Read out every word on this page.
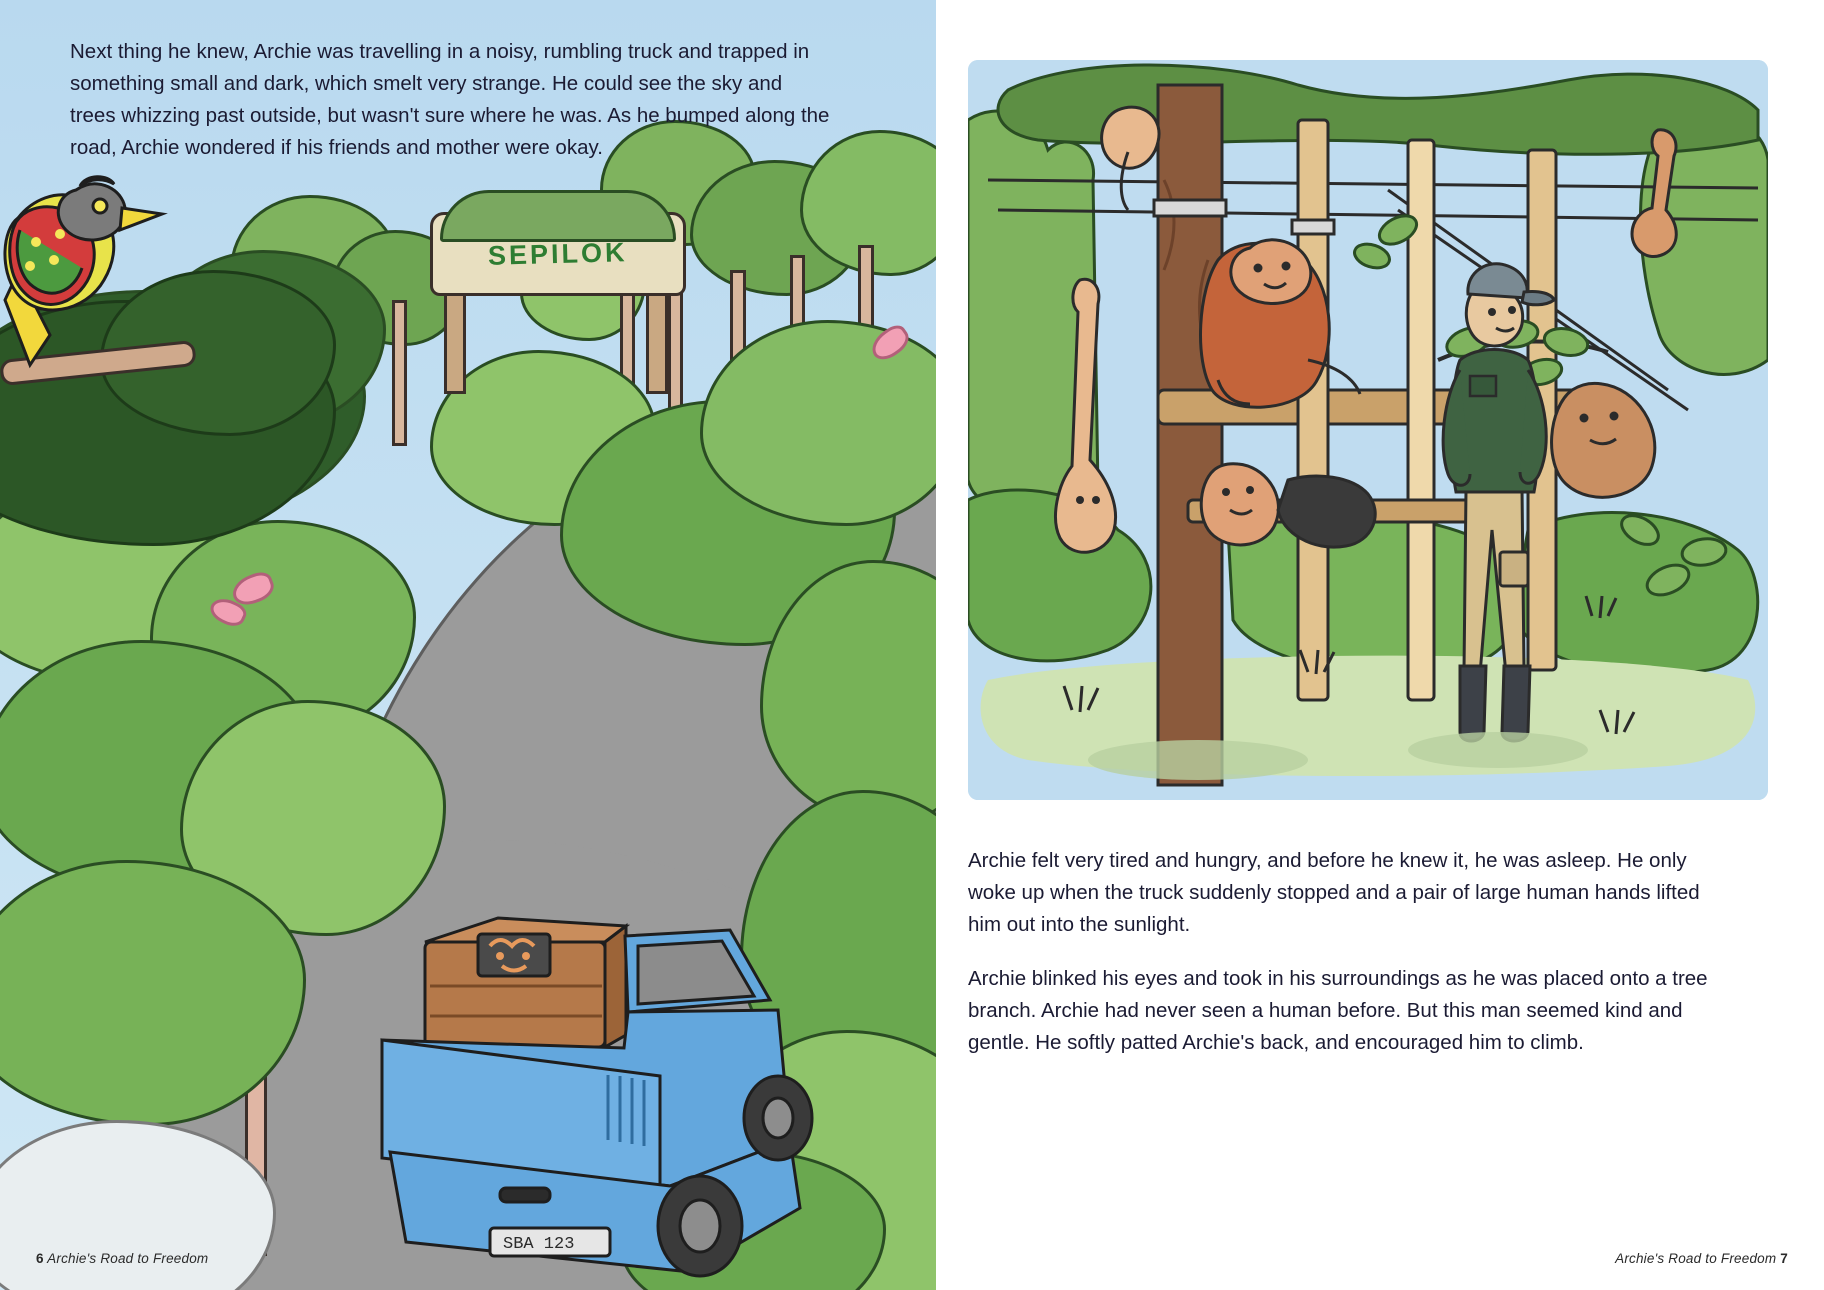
SEPILOK
SBA 123
6 Archie's Road to Freedom

Next thing he knew, Archie was travelling in a noisy, rumbling truck and trapped in something small and dark, which smelt very strange. He could see the sky and trees whizzing past outside, but wasn't sure where he was. As he bumped along the road, Archie wondered if his friends and mother were okay.

Archie felt very tired and hungry, and before he knew it, he was asleep. He only woke up when the truck suddenly stopped and a pair of large human hands lifted him out into the sunlight.

Archie blinked his eyes and took in his surroundings as he was placed onto a tree branch. Archie had never seen a human before. But this man seemed kind and gentle. He softly patted Archie's back, and encouraged him to climb.

Archie's Road to Freedom 7
